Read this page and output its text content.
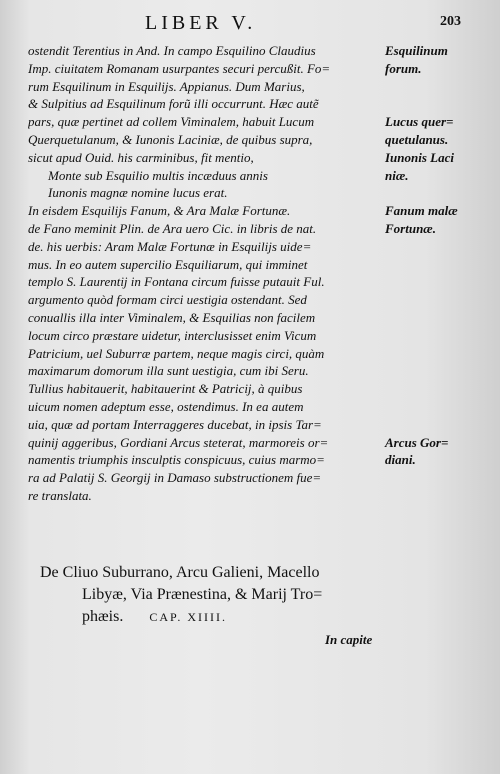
LIBER V.	203
ostendit Terentius in And. In campo Esquilino Claudius
Imp. ciuitatem Romanam usurpantes securi percußit. Fo=
rum Esquilinum in Esquilijs. Appianus. Dum Marius,
& Sulpitius ad Esquilinum forũ illi occurrunt. Hæc autẽ
pars, quæ pertinet ad collem Viminalem, habuit Lucum
Querquetulanum, & Iunonis Laciniæ, de quibus supra,
sicut apud Ouid. his carminibus, fit mentio,
Monte sub Esquilio multis incæduus annis
Iunonis magnæ nomine lucus erat.
In eisdem Esquilijs Fanum, & Ara Malæ Fortunæ.
de Fano meminit Plin. de Ara uero Cic. in libris de nat.
de. his uerbis: Aram Malæ Fortunæ in Esquilijs uide=
mus. In eo autem supercilio Esquiliarum, qui imminet
templo S. Laurentij in Fontana circum fuisse putauit Ful.
argumento quòd formam circi uestigia ostendant. Sed
conuallis illa inter Viminalem, & Esquilias non facilem
locum circo præstare uidetur, interclusisset enim Vicum
Patricium, uel Suburræ partem, neque magis circi, quàm
maximarum domorum illa sunt uestigia, cum ibi Seru.
Tullius habitauerit, habitauerint & Patricij, à quibus
uicum nomen adeptum esse, ostendimus. In ea autem
uia, quæ ad portam Interraggeres ducebat, in ipsis Tar=
quinij aggeribus, Gordiani Arcus steterat, marmoreis or=
namentis triumphis insculptis conspicuus, cuius marmo=
ra ad Palatij S. Georgij in Damaso substructionem fue=
re translata.
Esquilinum
forum.
Lucus quer=
quetulanus.
Iunonis Laci
niæ.
Fanum malæ
Fortunæ.
Arcus Gor=
diani.
De Cliuo Suburrano, Arcu Galieni, Macello
Libyæ, Via Prænestina, & Marij Tro=
phæis. CAP. XIIII.
In capite
